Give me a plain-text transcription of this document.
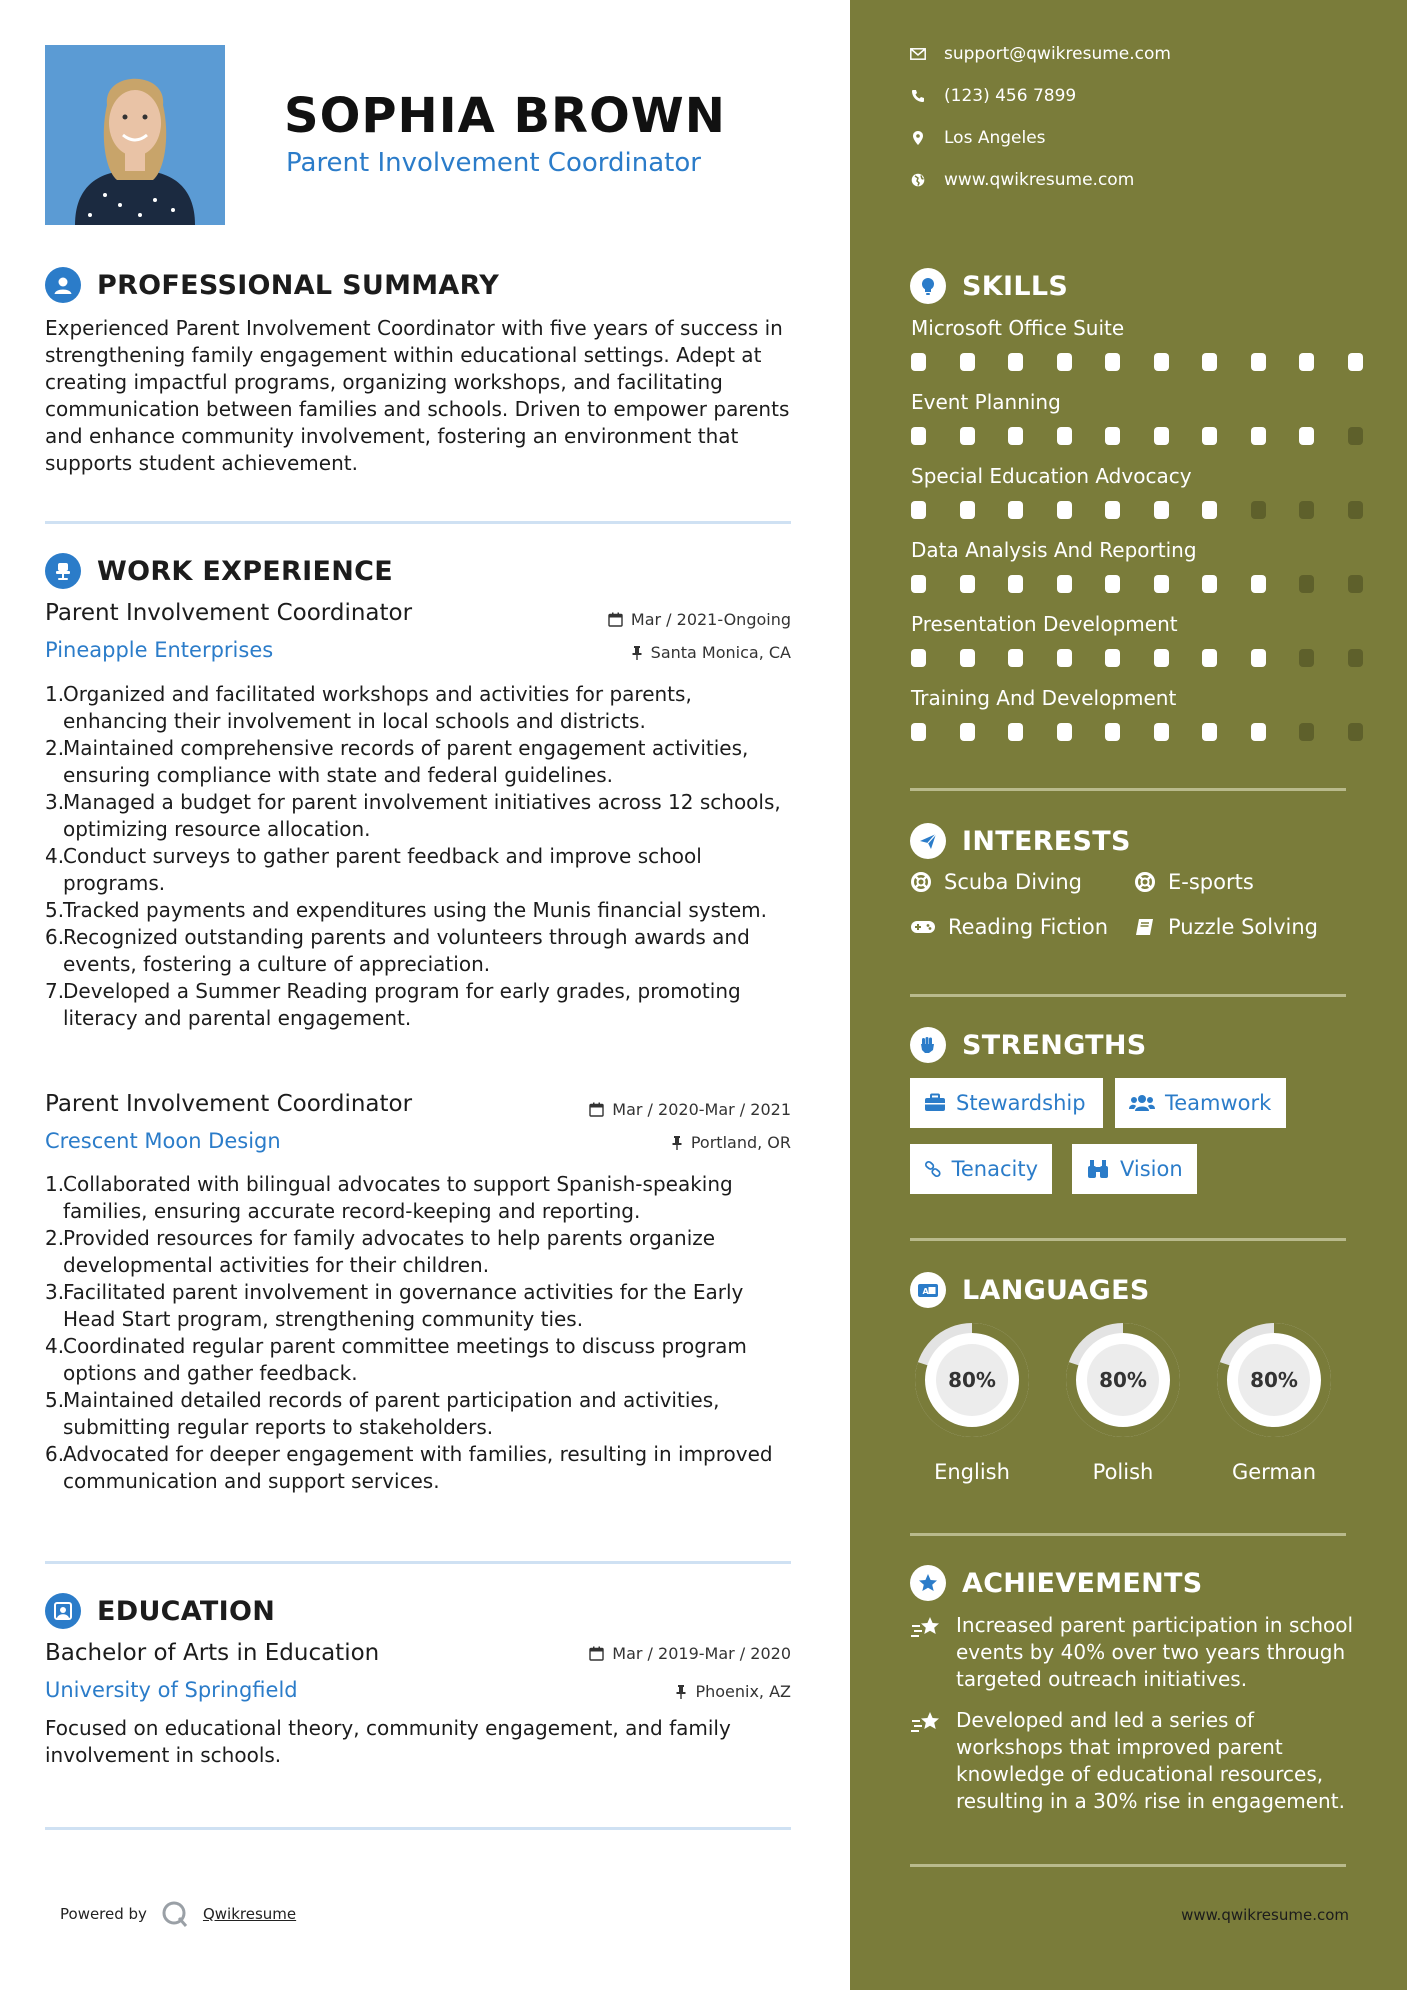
SOPHIA BROWN
Parent Involvement Coordinator
PROFESSIONAL SUMMARY
Experienced Parent Involvement Coordinator with five years of success in strengthening family engagement within educational settings. Adept at creating impactful programs, organizing workshops, and facilitating communication between families and schools. Driven to empower parents and enhance community involvement, fostering an environment that supports student achievement.
WORK EXPERIENCE
Parent Involvement Coordinator	Mar / 2021-Ongoing
Pineapple Enterprises	Santa Monica, CA
1.
Organized and facilitated workshops and activities for parents, enhancing their involvement in local schools and districts.
2.
Maintained comprehensive records of parent engagement activities, ensuring compliance with state and federal guidelines.
3.
Managed a budget for parent involvement initiatives across 12 schools, optimizing resource allocation.
4.
Conduct surveys to gather parent feedback and improve school programs.
5.
Tracked payments and expenditures using the Munis financial system.
6.
Recognized outstanding parents and volunteers through awards and events, fostering a culture of appreciation.
7.
Developed a Summer Reading program for early grades, promoting literacy and parental engagement.
Parent Involvement Coordinator	Mar / 2020-Mar / 2021
Crescent Moon Design	Portland, OR
1.
Collaborated with bilingual advocates to support Spanish-speaking families, ensuring accurate record-keeping and reporting.
2.
Provided resources for family advocates to help parents organize developmental activities for their children.
3.
Facilitated parent involvement in governance activities for the Early Head Start program, strengthening community ties.
4.
Coordinated regular parent committee meetings to discuss program options and gather feedback.
5.
Maintained detailed records of parent participation and activities, submitting regular reports to stakeholders.
6.
Advocated for deeper engagement with families, resulting in improved communication and support services.
EDUCATION
Bachelor of Arts in Education	Mar / 2019-Mar / 2020
University of Springfield	Phoenix, AZ
Focused on educational theory, community engagement, and family involvement in schools.
Powered by	Qwikresume
support@qwikresume.com
(123) 456 7899
Los Angeles
www.qwikresume.com
SKILLS
Microsoft Office Suite
Event Planning
Special Education Advocacy
Data Analysis And Reporting
Presentation Development
Training And Development
INTERESTS
Scuba Diving	E-sports
Reading Fiction	Puzzle Solving
STRENGTHS
Stewardship	Teamwork
Tenacity	Vision
A LANGUAGES
80%
English
80%
Polish
80%
German
ACHIEVEMENTS
Increased parent participation in school events by 40% over two years through targeted outreach initiatives.
Developed and led a series of workshops that improved parent knowledge of educational resources, resulting in a 30% rise in engagement.
www.qwikresume.com
